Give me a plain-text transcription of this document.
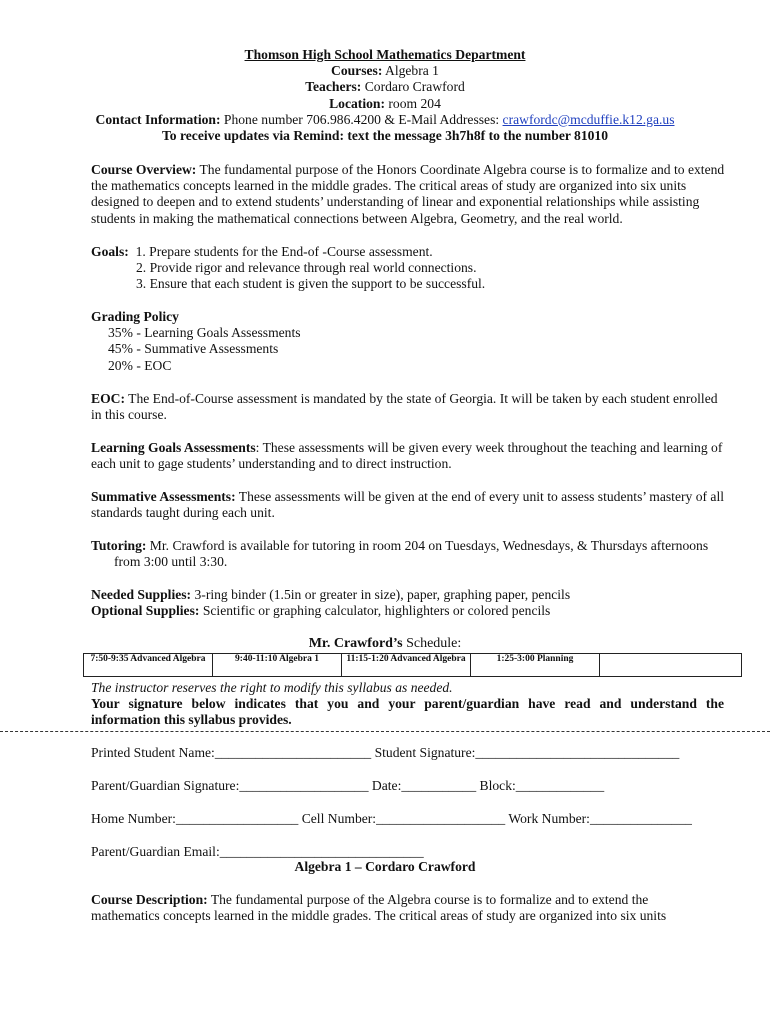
Thomson High School Mathematics Department
Courses: Algebra 1
Teachers: Cordaro Crawford
Location: room 204
Contact Information: Phone number 706.986.4200 & E-Mail Addresses: crawfordc@mcduffie.k12.ga.us
To receive updates via Remind: text the message 3h7h8f to the number 81010
Course Overview: The fundamental purpose of the Honors Coordinate Algebra course is to formalize and to extend the mathematics concepts learned in the middle grades. The critical areas of study are organized into six units designed to deepen and to extend students’ understanding of linear and exponential relationships while assisting students in making the mathematical connections between Algebra, Geometry, and the real world.
Goals: 1. Prepare students for the End-of -Course assessment.
2. Provide rigor and relevance through real world connections.
3. Ensure that each student is given the support to be successful.
Grading Policy
35% - Learning Goals Assessments
45% - Summative Assessments
20% - EOC
EOC: The End-of-Course assessment is mandated by the state of Georgia. It will be taken by each student enrolled in this course.
Learning Goals Assessments: These assessments will be given every week throughout the teaching and learning of each unit to gage students’ understanding and to direct instruction.
Summative Assessments: These assessments will be given at the end of every unit to assess students’ mastery of all standards taught during each unit.
Tutoring: Mr. Crawford is available for tutoring in room 204 on Tuesdays, Wednesdays, & Thursdays afternoons
from 3:00 until 3:30.
Needed Supplies: 3-ring binder (1.5in or greater in size), paper, graphing paper, pencils
Optional Supplies: Scientific or graphing calculator, highlighters or colored pencils
Mr. Crawford’s Schedule:
7:50-9:35 Advanced Algebra	9:40-11:10 Algebra 1	11:15-1:20 Advanced Algebra	1:25-3:00 Planning	
The instructor reserves the right to modify this syllabus as needed.
Your signature below indicates that you and your parent/guardian have read and understand the information this syllabus provides.
Printed Student Name:_______________________ Student Signature:______________________________
Parent/Guardian Signature:___________________ Date:___________ Block:_____________
Home Number:__________________ Cell Number:___________________ Work Number:_______________
Parent/Guardian Email:______________________________
Algebra 1 – Cordaro Crawford
Course Description: The fundamental purpose of the Algebra course is to formalize and to extend the mathematics concepts learned in the middle grades. The critical areas of study are organized into six units
